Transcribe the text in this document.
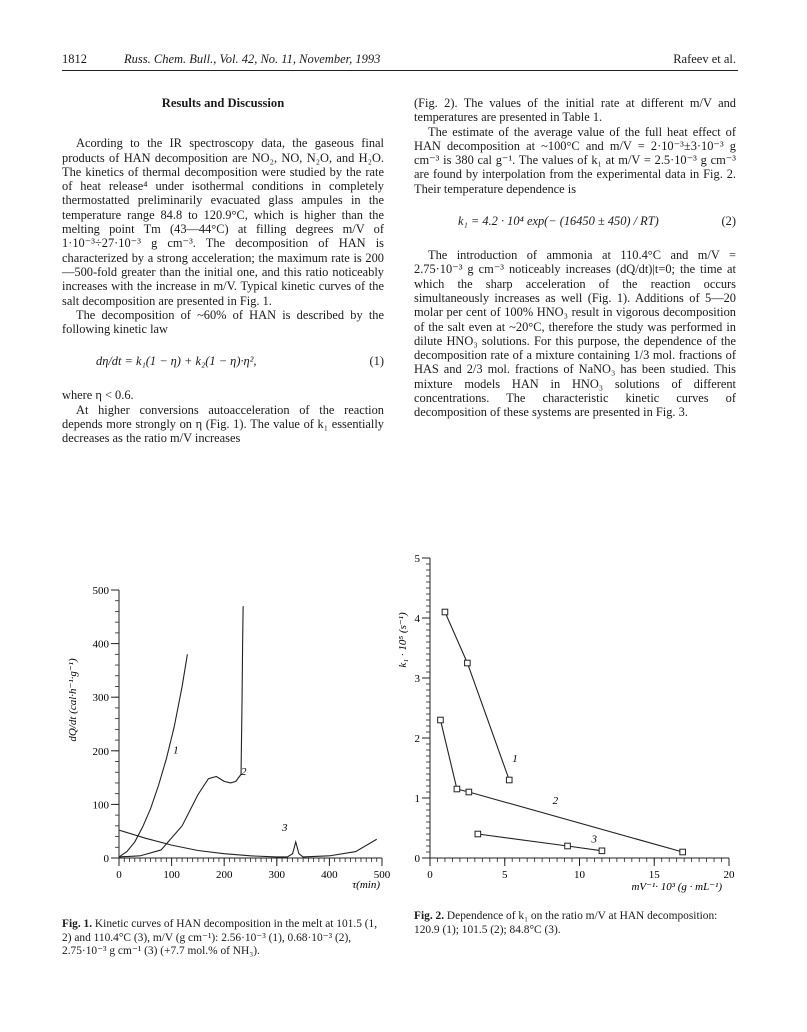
1812	Russ. Chem. Bull., Vol. 42, No. 11, November, 1993	Rafeev et al.
Results and Discussion

Acording to the IR spectroscopy data, the gaseous final products of HAN decomposition are NO₂, NO, N₂O, and H₂O. The kinetics of thermal decomposition were studied by the rate of heat release⁴ under isothermal conditions in completely thermostatted preliminarily evacuated glass ampules in the temperature range 84.8 to 120.9°C, which is higher than the melting point Tm (43—44°C) at filling degrees m/V of 1·10⁻³÷27·10⁻³ g cm⁻³. The decomposition of HAN is characterized by a strong acceleration; the maximum rate is 200—500-fold greater than the initial one, and this ratio noticeably increases with the increase in m/V. Typical kinetic curves of the salt decomposition are presented in Fig. 1.

The decomposition of ~60% of HAN is described by the following kinetic law

dη/dt = k₁(1 − η) + k₂(1 − η)·η²,	(1)

where η < 0.6.

At higher conversions autoacceleration of the reaction depends more strongly on η (Fig. 1). The value of k₁ essentially decreases as the ratio m/V increases

(Fig. 2). The values of the initial rate at different m/V and temperatures are presented in Table 1.

The estimate of the average value of the full heat effect of HAN decomposition at ~100°C and m/V = 2·10⁻³±3·10⁻³ g cm⁻³ is 380 cal g⁻¹. The values of k₁ at m/V = 2.5·10⁻³ g cm⁻³ are found by interpolation from the experimental data in Fig. 2. Their temperature dependence is

k₁ = 4.2 · 10⁴ exp(− (16450 ± 450) / RT)	(2)

The introduction of ammonia at 110.4°C and m/V = 2.75·10⁻³ g cm⁻³ noticeably increases (dQ/dt)|t=0; the time at which the sharp acceleration of the reaction occurs simultaneously increases as well (Fig. 1). Additions of 5—20 molar per cent of 100% HNO₃ result in vigorous decomposition of the salt even at ~20°C, therefore the study was performed in dilute HNO₃ solutions. For this purpose, the dependence of the decomposition rate of a mixture containing 1/3 mol. fractions of HAS and 2/3 mol. fractions of NaNO₃ has been studied. This mixture models HAN in HNO₃ solutions of different concentrations. The characteristic kinetic curves of decomposition of these systems are presented in Fig. 3.

0	100	200	300	400	500
0
100
200
300
400
500
τ(min)
dQ/dt (cal·h⁻¹·g⁻¹)
1
2
3
Fig. 1. Kinetic curves of HAN decomposition in the melt at 101.5 (1, 2) and 110.4°C (3), m/V (g cm⁻¹): 2.56·10⁻³ (1), 0.68·10⁻³ (2), 2.75·10⁻³ g cm⁻¹ (3) (+7.7 mol.% of NH₃).
0	5	10	15	20
0
1
2
3
4
5
mV⁻¹· 10³ (g · mL⁻¹)
k₁ · 10⁵ (s⁻¹)
1
2
3
Fig. 2. Dependence of k₁ on the ratio m/V at HAN decomposition: 120.9 (1); 101.5 (2); 84.8°C (3).
